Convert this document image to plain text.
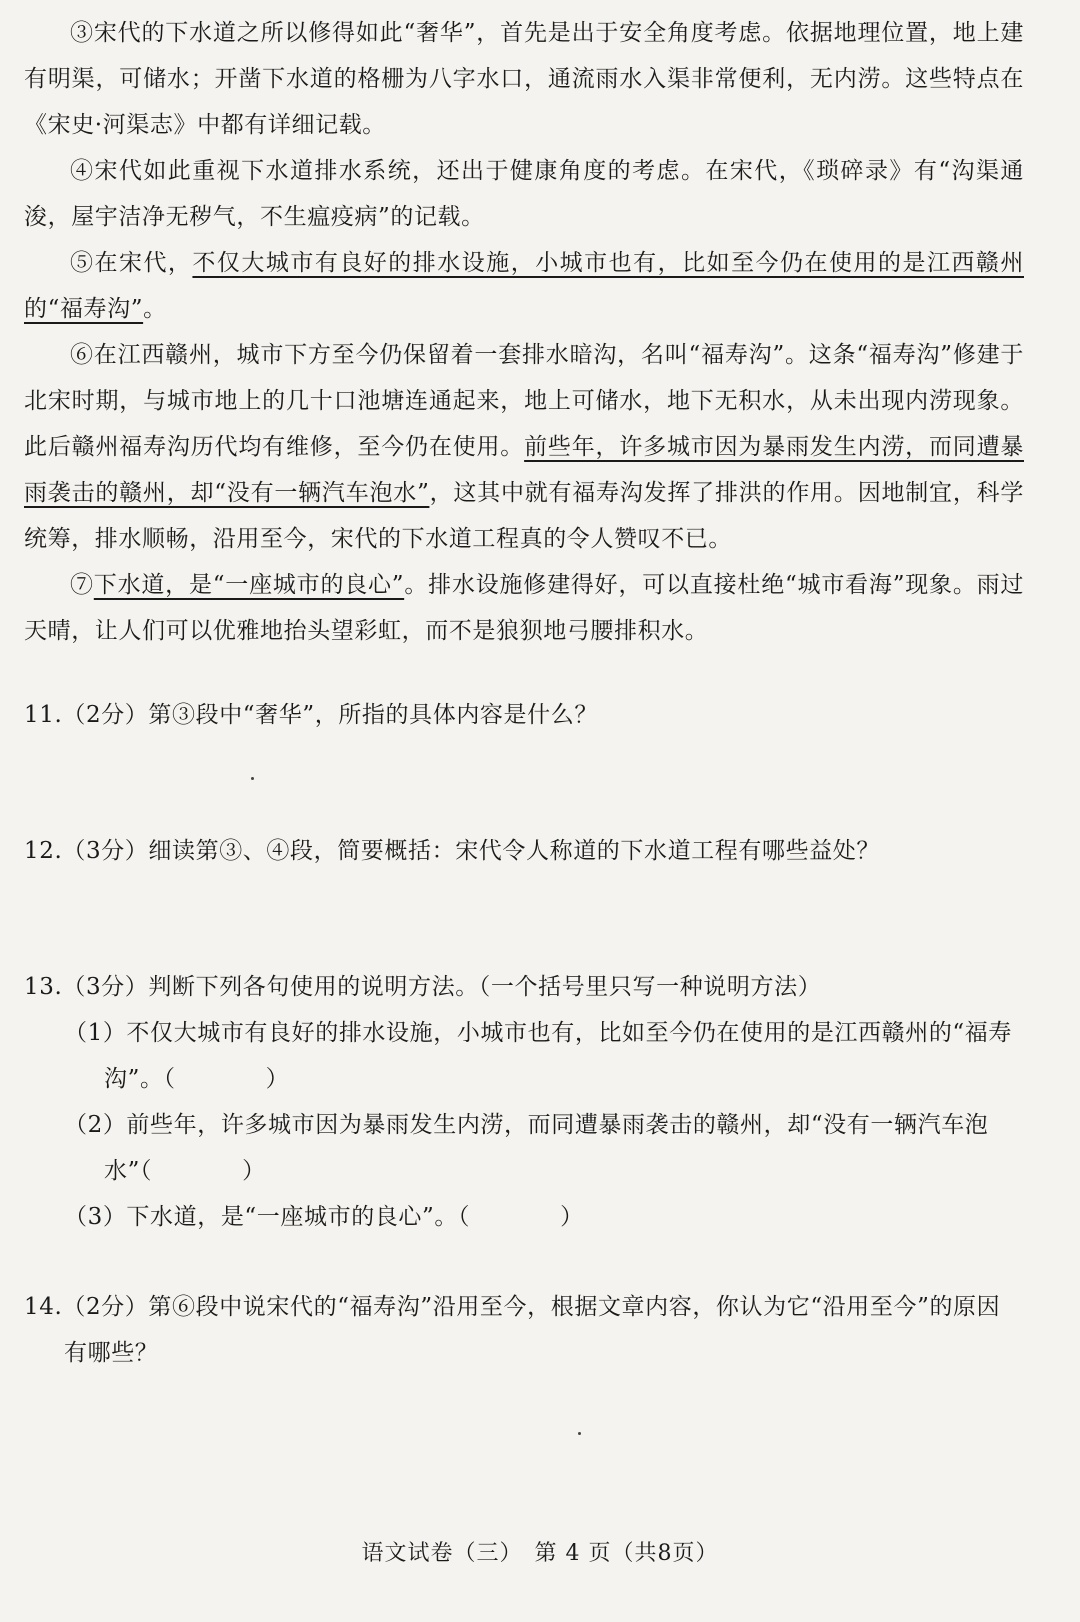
③宋代的下水道之所以修得如此“奢华”，首先是出于安全角度考虑。依据地理位置，地上建有明渠，可储水；开凿下水道的格栅为八字水口，通流雨水入渠非常便利，无内涝。这些特点在《宋史·河渠志》中都有详细记载。

④宋代如此重视下水道排水系统，还出于健康角度的考虑。在宋代，《琐碎录》有“沟渠通浚，屋宇洁净无秽气，不生瘟疫病”的记载。

⑤在宋代，不仅大城市有良好的排水设施，小城市也有，比如至今仍在使用的是江西赣州的“福寿沟”。

⑥在江西赣州，城市下方至今仍保留着一套排水暗沟，名叫“福寿沟”。这条“福寿沟”修建于北宋时期，与城市地上的几十口池塘连通起来，地上可储水，地下无积水，从未出现内涝现象。此后赣州福寿沟历代均有维修，至今仍在使用。前些年，许多城市因为暴雨发生内涝，而同遭暴雨袭击的赣州，却“没有一辆汽车泡水”，这其中就有福寿沟发挥了排洪的作用。因地制宜，科学统筹，排水顺畅，沿用至今，宋代的下水道工程真的令人赞叹不已。

⑦下水道，是“一座城市的良心”。排水设施修建得好，可以直接杜绝“城市看海”现象。雨过天晴，让人们可以优雅地抬头望彩虹，而不是狼狈地弓腰排积水。

11.（2分）第③段中“奢华”，所指的具体内容是什么？
12.（3分）细读第③、④段，简要概括：宋代令人称道的下水道工程有哪些益处？
13.（3分）判断下列各句使用的说明方法。（一个括号里只写一种说明方法）
（1）不仅大城市有良好的排水设施，小城市也有，比如至今仍在使用的是江西赣州的“福寿
沟”。（	）
（2）前些年，许多城市因为暴雨发生内涝，而同遭暴雨袭击的赣州，却“没有一辆汽车泡
水”（	）
（3）下水道，是“一座城市的良心”。（	）
14.（2分）第⑥段中说宋代的“福寿沟”沿用至今，根据文章内容，你认为它“沿用至今”的原因
有哪些？
语文试卷（三）　第 4 页（共8页）
